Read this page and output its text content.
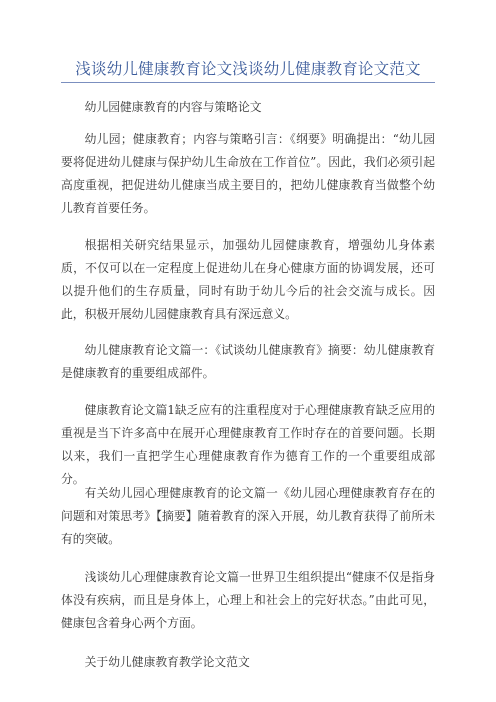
浅谈幼儿健康教育论文浅谈幼儿健康教育论文范文

幼儿园健康教育的内容与策略论文

幼儿园；健康教育；内容与策略引言：《纲要》明确提出：“幼儿园要将促进幼儿健康与保护幼儿生命放在工作首位”。因此，我们必须引起高度重视，把促进幼儿健康当成主要目的，把幼儿健康教育当做整个幼儿教育首要任务。

根据相关研究结果显示，加强幼儿园健康教育，增强幼儿身体素质，不仅可以在一定程度上促进幼儿在身心健康方面的协调发展，还可以提升他们的生存质量，同时有助于幼儿今后的社会交流与成长。因此，积极开展幼儿园健康教育具有深远意义。

幼儿健康教育论文篇一：《试谈幼儿健康教育》摘要：幼儿健康教育是健康教育的重要组成部件。

健康教育论文篇1缺乏应有的注重程度对于心理健康教育缺乏应用的重视是当下许多高中在展开心理健康教育工作时存在的首要问题。长期以来，我们一直把学生心理健康教育作为德育工作的一个重要组成部分。

有关幼儿园心理健康教育的论文篇一《幼儿园心理健康教育存在的问题和对策思考》【摘要】随着教育的深入开展，幼儿教育获得了前所未有的突破。

浅谈幼儿心理健康教育论文篇一世界卫生组织提出“健康不仅是指身体没有疾病，而且是身体上，心理上和社会上的完好状态。”由此可见，健康包含着身心两个方面。

关于幼儿健康教育教学论文范文
